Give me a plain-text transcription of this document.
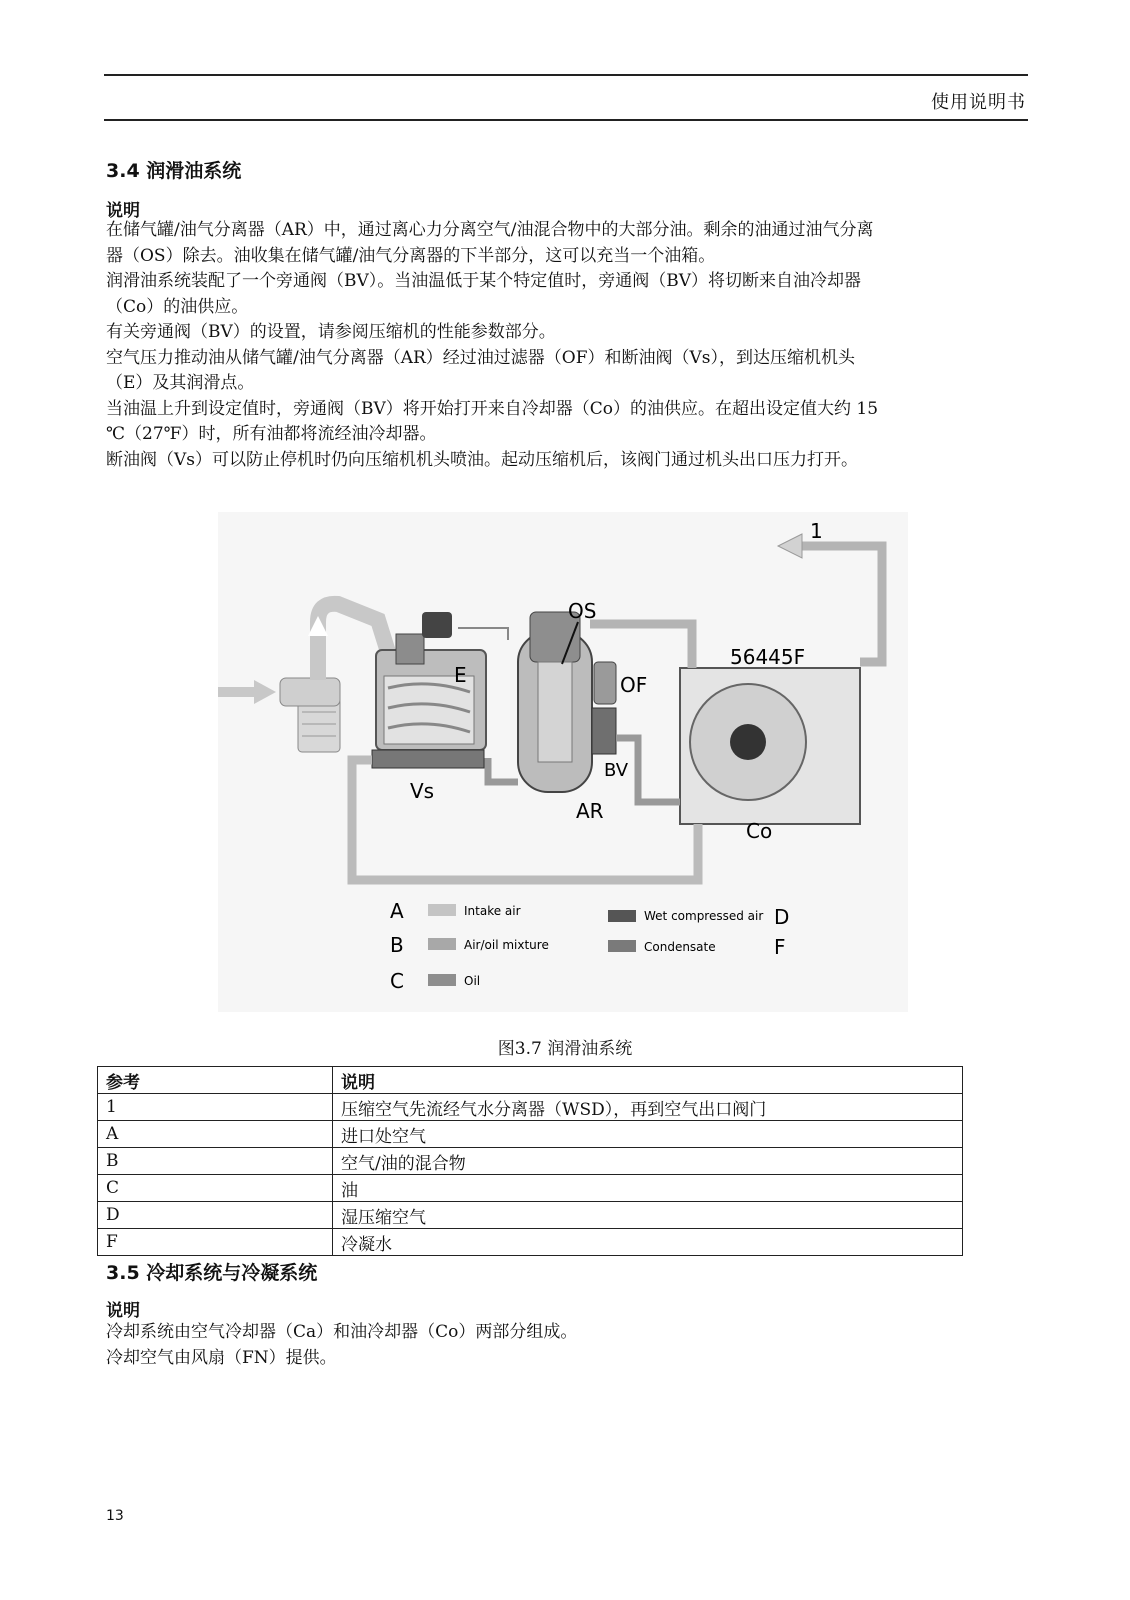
使用说明书
3.4 润滑油系统
说明

在储气罐/油气分离器（AR）中，通过离心力分离空气/油混合物中的大部分油。剩余的油通过油气分离

器（OS）除去。油收集在储气罐/油气分离器的下半部分，这可以充当一个油箱。

润滑油系统装配了一个旁通阀（BV）。当油温低于某个特定值时，旁通阀（BV）将切断来自油冷却器

（Co）的油供应。

有关旁通阀（BV）的设置，请参阅压缩机的性能参数部分。

空气压力推动油从储气罐/油气分离器（AR）经过油过滤器（OF）和断油阀（Vs），到达压缩机机头

（E）及其润滑点。

当油温上升到设定值时，旁通阀（BV）将开始打开来自冷却器（Co）的油供应。在超出设定值大约 15

℃（27℉）时，所有油都将流经油冷却器。

断油阀（Vs）可以防止停机时仍向压缩机机头喷油。起动压缩机后，该阀门通过机头出口压力打开。

1
OS
56445F
OF
E
BV
Vs
AR
Co
A	Intake air
B	Air/oil mixture
C	Oil
Wet compressed air D
Condensate	F
图3.7 润滑油系统
参考	说明
1	压缩空气先流经气水分离器（WSD），再到空气出口阀门
A	进口处空气
B	空气/油的混合物
C	油
D	湿压缩空气
F	冷凝水
3.5 冷却系统与冷凝系统
说明

冷却系统由空气冷却器（Ca）和油冷却器（Co）两部分组成。

冷却空气由风扇（FN）提供。

13
